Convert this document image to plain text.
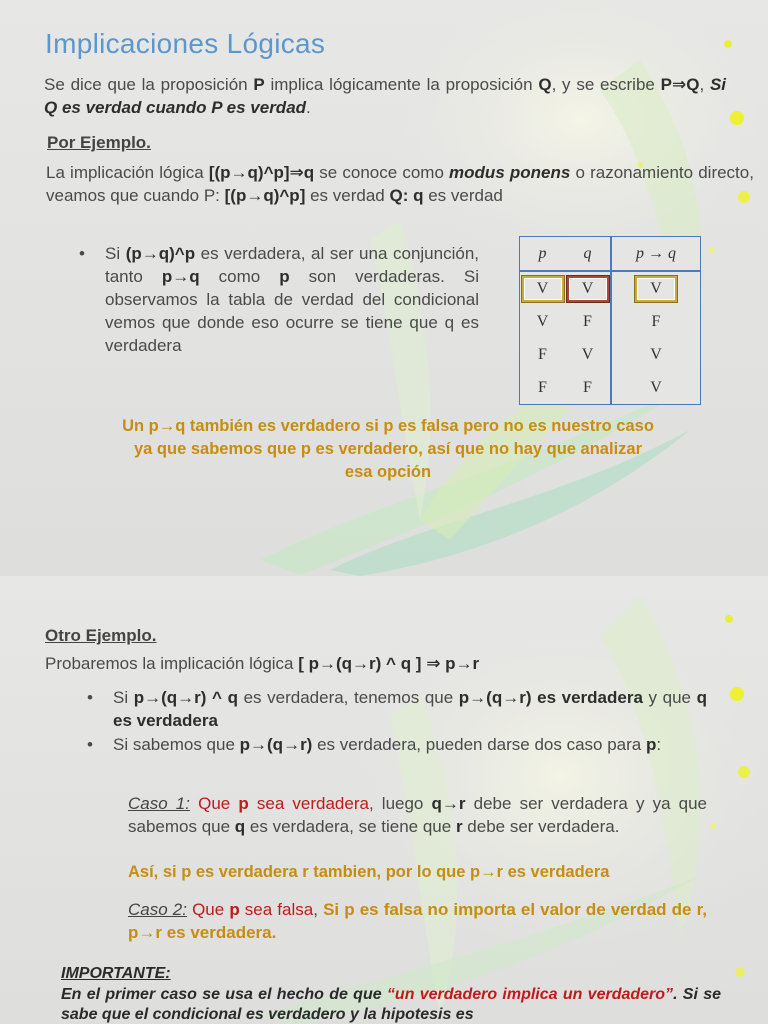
Implicaciones Lógicas

Se dice que la proposición P implica lógicamente la proposición Q, y se escribe P⇒Q, Si Q es verdad cuando P es verdad.

Por Ejemplo.

La implicación lógica [(p→q)^p]⇒q se conoce como modus ponens o razonamiento directo, veamos que cuando P: [(p→q)^p] es verdad Q: q es verdad

• Si (p→q)^p es verdadera, al ser una conjunción, tanto p→q como p son verdaderas. Si observamos la tabla de verdad del condicional vemos que donde eso ocurre se tiene que q es verdadera
p	q	p → q
V	V	V
V	F	F
F	V	V
F	F	V

Un p→q también es verdadero si p es falsa pero no es nuestro caso ya que sabemos que p es verdadero, así que no hay que analizar esa opción

Otro Ejemplo.

Probaremos la implicación lógica [ p→(q→r) ^ q ] ⇒ p→r

• Si p→(q→r) ^ q es verdadera, tenemos que p→(q→r) es verdadera y que q es verdadera
• Si sabemos que p→(q→r) es verdadera, pueden darse dos caso para p:
Caso 1: Que p sea verdadera, luego q→r debe ser verdadera y ya que sabemos que q es verdadera, se tiene que r debe ser verdadera.
Así, si p es verdadera r tambien, por lo que p→r es verdadera
Caso 2: Que p sea falsa, Si p es falsa no importa el valor de verdad de r, p→r es verdadera.
IMPORTANTE:

En el primer caso se usa el hecho de que “un verdadero implica un verdadero”. Si se sabe que el condicional es verdadero y la hipotesis es
